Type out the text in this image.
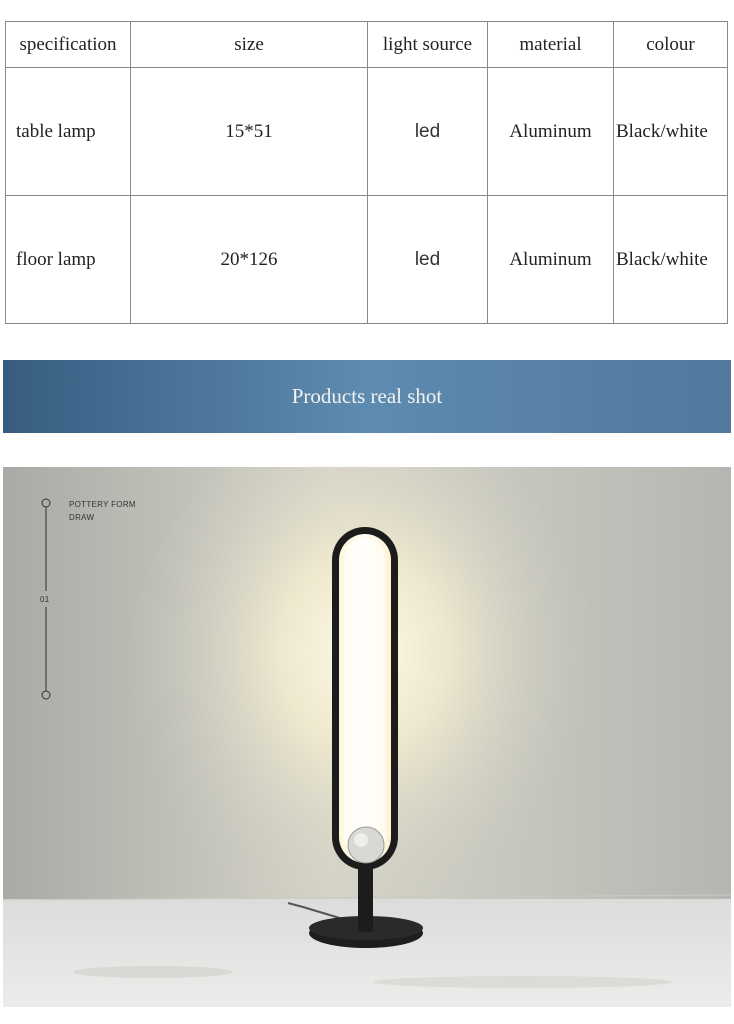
specification	size	light source	material	colour
table lamp	15*51	led	Aluminum	Black/white
floor lamp	20*126	led	Aluminum	Black/white
Products real shot
01
POTTERY FORM
DRAW
